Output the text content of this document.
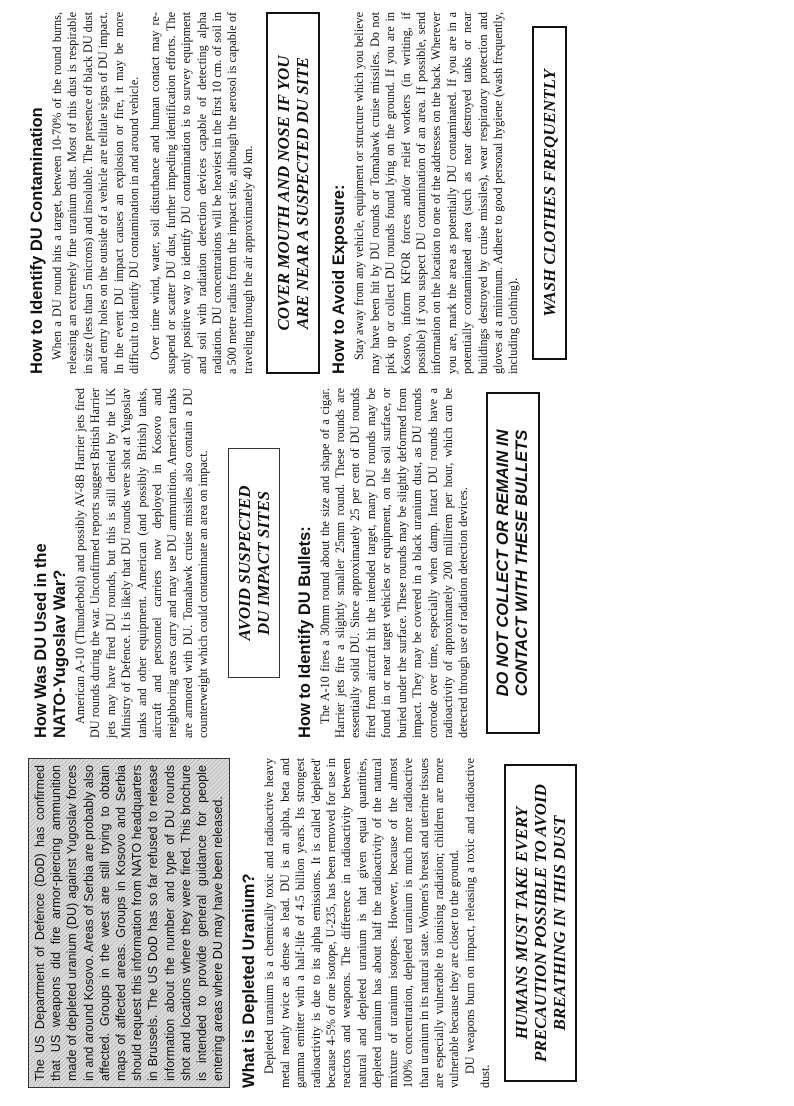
The US Department of Defence (DoD) has confirmed that US weapons did fire armor-piercing ammunition made of depleted uranium (DU) against Yugoslav forces in and around Kosovo. Areas of Serbia are probably also affected. Groups in the west are still trying to obtain maps of affected areas. Groups in Kosovo and Serbia should request this information from NATO headquarters in Brussels. The US DoD has so far refused to release information about the number and type of DU rounds shot and locations where they were fired. This brochure is intended to provide general guidance for people entering areas where DU may have been released. What is Depleted Uranium? Depleted uranium is a chemically toxic and radioactive heavy metal nearly twice as dense as lead. DU is an alpha, beta and gamma emitter with a half-life of 4.5 billion years. Its strongest radioactivity is due to its alpha emissions. It is called 'depleted' because 4-5% of one isotope, U-235, has been removed for use in reactors and weapons. The difference in radioactivity between natural and depleted uranium is that given equal quantities, depleted uranium has about half the radioactivity of the natural mixture of uranium isotopes. However, because of the almost 100% concentration, depleted uranium is much more radioactive than uranium in its natural state. Women's breast and uterine tissues are especially vulnerable to ionising radiation; children are more vulnerable because they are closer to the ground. DU weapons burn on impact, releasing a toxic and radioactive dust.

HUMANS MUST TAKE EVERY PRECAUTION POSSIBLE TO AVOID BREATHING IN THIS DUST
How Was DU Used in the NATO-Yugoslav War? American A-10 (Thunderbolt) and possibly AV-8B Harrier jets fired DU rounds during the war. Unconfirmed reports suggest British Harrier jets may have fired DU rounds, but this is still denied by the UK Ministry of Defence. It is likely that DU rounds were shot at Yugoslav tanks and other equipment. American (and possibly British) tanks, aircraft and personnel carriers now deployed in Kosovo and neighboring areas carry and may use DU ammunition. American tanks are armored with DU. Tomahawk cruise missiles also contain a DU counterweight which could contaminate an area on impact. AVOID SUSPECTED DU IMPACT SITES How to Identify DU Bullets: The A-10 fires a 30mm round about the size and shape of a cigar. Harrier jets fire a slightly smaller 25mm round. These rounds are essentially solid DU. Since approximately 25 per cent of DU rounds fired from aircraft hit the intended target, many DU rounds may be found in or near target vehicles or equipment, on the soil surface, or buried under the surface. These rounds may be slightly deformed from impact. They may be covered in a black uranium dust, as DU rounds corrode over time, especially when damp. Intact DU rounds have a radioactivity of approximately 200 millirem per hour, which can be detected through use of radiation detection devices. DO NOT COLLECT OR REMAIN IN CONTACT WITH THESE BULLETS
How to Identify DU Contamination When a DU round hits a target, between 10-70% of the round burns, releasing an extremely fine uranium dust. Most of this dust is respirable in size (less than 5 microns) and insoluble. The presence of black DU dust and entry holes on the outside of a vehicle are telltale signs of DU impact. In the event DU impact causes an explosion or fire, it may be more difficult to identify DU contamination in and around vehicle. Over time wind, water, soil disturbance and human contact may re-suspend or scatter DU dust, further impeding identification efforts. The only positive way to identify DU contamination is to survey equipment and soil with radiation detection devices capable of detecting alpha radiation. DU concentrations will be heaviest in the first 10 cm. of soil in a 500 metre radius from the impact site, although the aerosol is capable of traveling through the air approximately 40 km. COVER MOUTH AND NOSE IF YOU ARE NEAR A SUSPECTED DU SITE How to Avoid Exposure: Stay away from any vehicle, equipment or structure which you believe may have been hit by DU rounds or Tomahawk cruise missiles. Do not pick up or collect DU rounds found lying on the ground. If you are in Kosovo, inform KFOR forces and/or relief workers (in writing, if possible) if you suspect DU contamination of an area. If possible, send information on the location to one of the addresses on the back. Wherever you are, mark the area as potentially DU contaminated. If you are in a potentially contaminated area (such as near destroyed tanks or near buildings destroyed by cruise missiles), wear respiratory protection and gloves at a minimum. Adhere to good personal hygiene (wash frequently, including clothing).

WASH CLOTHES FREQUENTLY
